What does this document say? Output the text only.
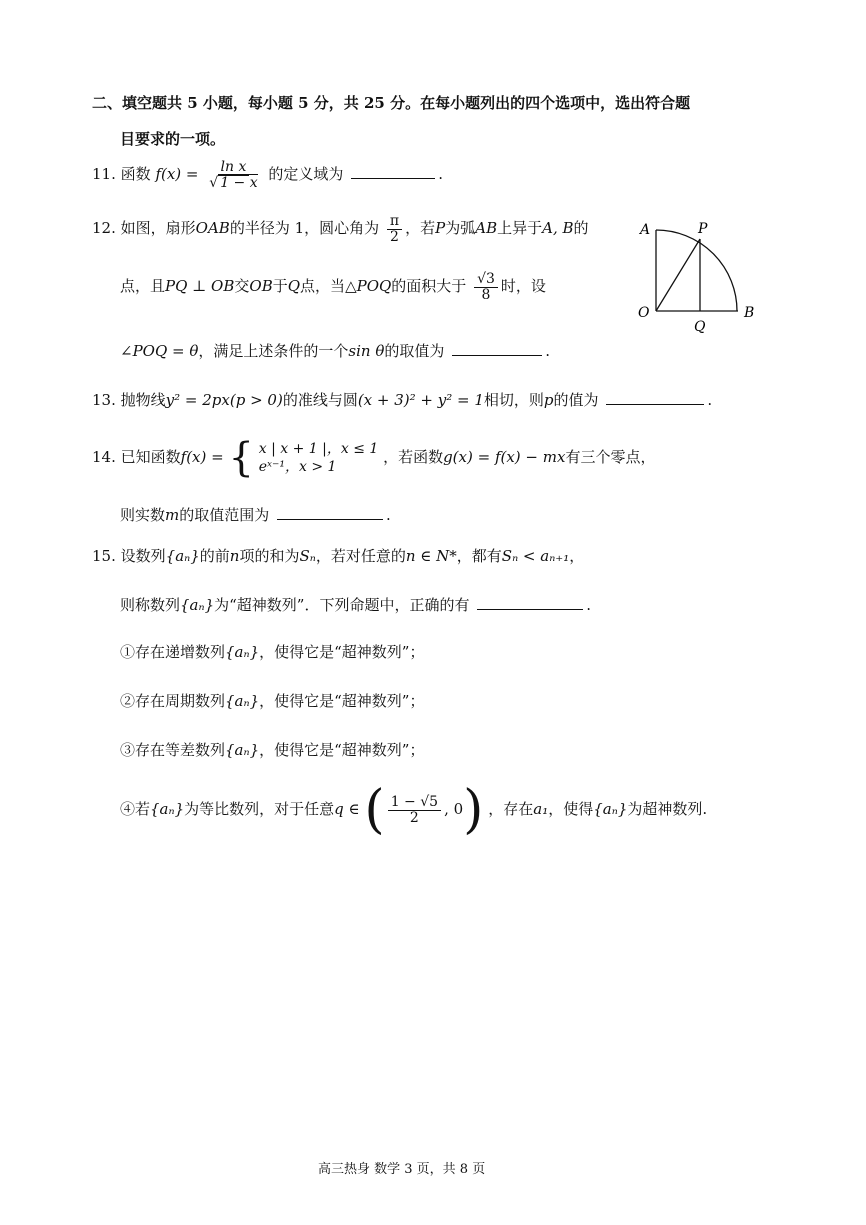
二、填空题共 5 小题，每小题 5 分，共 25 分。在每小题列出的四个选项中，选出符合题
目要求的一项。
11. 函数 $f(x) = \frac{\text{ln x}}{√ 1 - x}$ 的定义域为	.
12. 如图，扇形OAB的半径为 1，圆心角为 $\frac{\pi}{2}$ ，若P为弧AB上异于A, B的
点，且PQ ⊥ OB交OB于Q点，当△POQ的面积大于 $\frac{√3}{8}$ 时，设
∠POQ = θ，满足上述条件的一个sin θ的取值为	.
A	P
O
Q
B
13. 抛物线y² = 2px(p > 0)的准线与圆(x + 3)² + y² = 1相切，则p的值为	.
14. 已知函数f(x) = { x | x + 1 |，x ≤ 1
eˣ⁻¹，x > 1
，若函数g(x) = f(x) − mx有三个零点，
则实数m的取值范围为	.
15. 设数列{aₙ}的前n项的和为Sₙ，若对任意的n ∈ N*，都有Sₙ < aₙ₊₁，
则称数列{aₙ}为“超神数列”．下列命题中，正确的有	.
①存在递增数列{aₙ}，使得它是“超神数列”；
②存在周期数列{aₙ}，使得它是“超神数列”；
③存在等差数列{aₙ}，使得它是“超神数列”；
④若{aₙ}为等比数列，对于任意q ∈ ( $\frac{1 - √5}{2}$ , 0) ，存在a₁，使得{aₙ}为超神数列.
高三热身 数学 3 页，共 8 页
